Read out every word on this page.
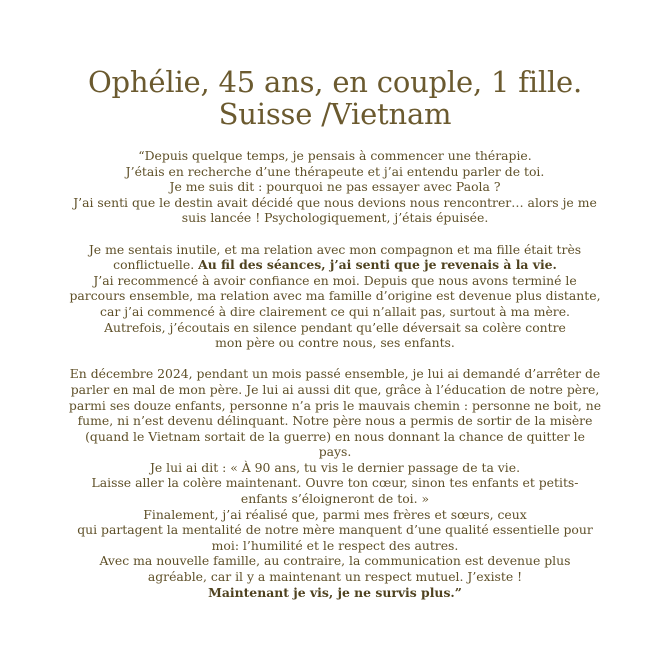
Ophélie, 45 ans, en couple, 1 fille.
Suisse /Vietnam
“Depuis quelque temps, je pensais à commencer une thérapie.
J’étais en recherche d’une thérapeute et j’ai entendu parler de toi.
Je me suis dit : pourquoi ne pas essayer avec Paola ?
J’ai senti que le destin avait décidé que nous devions nous rencontrer… alors je me
suis lancée ! Psychologiquement, j’étais épuisée.
Je me sentais inutile, et ma relation avec mon compagnon et ma fille était très
conflictuelle. Au fil des séances, j’ai senti que je revenais à la vie.
J’ai recommencé à avoir confiance en moi. Depuis que nous avons terminé le
parcours ensemble, ma relation avec ma famille d’origine est devenue plus distante,
car j’ai commencé à dire clairement ce qui n’allait pas, surtout à ma mère.
Autrefois, j’écoutais en silence pendant qu’elle déversait sa colère contre
mon père ou contre nous, ses enfants.
En décembre 2024, pendant un mois passé ensemble, je lui ai demandé d’arrêter de
parler en mal de mon père. Je lui ai aussi dit que, grâce à l’éducation de notre père,
parmi ses douze enfants, personne n’a pris le mauvais chemin : personne ne boit, ne
fume, ni n’est devenu délinquant. Notre père nous a permis de sortir de la misère
(quand le Vietnam sortait de la guerre) en nous donnant la chance de quitter le
pays.
Je lui ai dit : « À 90 ans, tu vis le dernier passage de ta vie.
Laisse aller la colère maintenant. Ouvre ton cœur, sinon tes enfants et petits-
enfants s’éloigneront de toi. »
Finalement, j’ai réalisé que, parmi mes frères et sœurs, ceux
qui partagent la mentalité de notre mère manquent d’une qualité essentielle pour
moi: l’humilité et le respect des autres.
Avec ma nouvelle famille, au contraire, la communication est devenue plus
agréable, car il y a maintenant un respect mutuel. J’existe !
Maintenant je vis, je ne survis plus.”
